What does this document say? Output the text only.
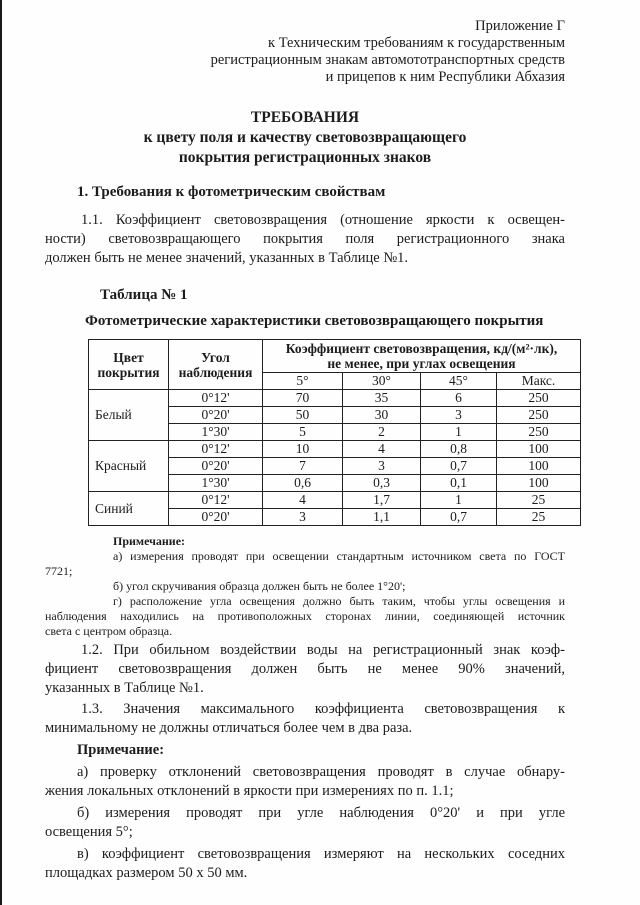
Приложение Г
к Техническим требованиям к государственным
регистрационным знакам автомототранспортных средств
и прицепов к ним Республики Абхазия
ТРЕБОВАНИЯ
к цвету поля и качеству световозвращающего
покрытия регистрационных знаков
1. Требования к фотометрическим свойствам
1.1. Коэффициент световозвращения (отношение яркости к освещен-
ности) световозвращающего покрытия поля регистрационного знака
должен быть не менее значений, указанных в Таблице №1.
Таблица № 1
Фотометрические характеристики световозвращающего покрытия
Цвет покрытия	Угол наблюдения	Коэффициент световозвращения, кд/(м²·лк),
не менее, при углах освещения			

		5°	30°	45°	Макс.
Белый	0°12'	70	35	6	250
	0°20'	50	30	3	250
	1°30'	5	2	1	250
Красный	0°12'	10	4	0,8	100
	0°20'	7	3	0,7	100
	1°30'	0,6	0,3	0,1	100
Синий	0°12'	4	1,7	1	25
	0°20'	3	1,1	0,7	25
Примечание:
а) измерения проводят при освещении стандартным источником света по ГОСТ
7721;
б) угол скручивания образца должен быть не более 1°20';
г) расположение угла освещения должно быть таким, чтобы углы освещения и
наблюдения находились на противоположных сторонах линии, соединяющей источник
света с центром образца.
1.2. При обильном воздействии воды на регистрационный знак коэф-
фициент световозвращения должен быть не менее 90% значений,
указанных в Таблице №1.
1.3. Значения максимального коэффициента световозвращения к
минимальному не должны отличаться более чем в два раза.
Примечание:
а) проверку отклонений световозвращения проводят в случае обнару-
жения локальных отклонений в яркости при измерениях по п. 1.1;
б) измерения проводят при угле наблюдения 0°20' и при угле
освещения 5°;
в) коэффициент световозвращения измеряют на нескольких соседних
площадках размером 50 х 50 мм.
